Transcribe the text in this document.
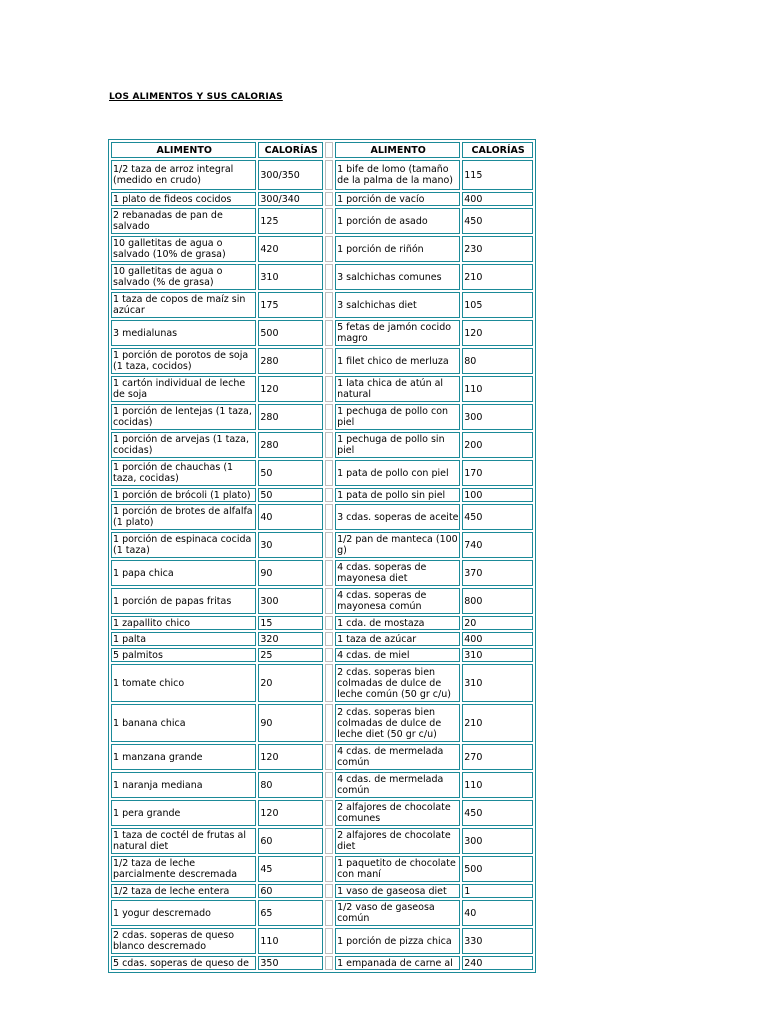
LOS ALIMENTOS Y SUS CALORIAS
ALIMENTO	CALORÍAS		ALIMENTO	CALORÍAS
1/2 taza de arroz integral (medido en crudo)	300/350		1 bife de lomo (tamaño de la palma de la mano)	115
1 plato de fideos cocidos	300/340		1 porción de vacío	400
2 rebanadas de pan de salvado	125		1 porción de asado	450
10 galletitas de agua o salvado (10% de grasa)	420		1 porción de riñón	230
10 galletitas de agua o salvado (% de grasa)	310		3 salchichas comunes	210
1 taza de copos de maíz sin azúcar	175		3 salchichas diet	105
3 medialunas	500		5 fetas de jamón cocido magro	120
1 porción de porotos de soja (1 taza, cocidos)	280		1 filet chico de merluza	80
1 cartón individual de leche de soja	120		1 lata chica de atún al natural	110
1 porción de lentejas (1 taza, cocidas)	280		1 pechuga de pollo con piel	300
1 porción de arvejas (1 taza, cocidas)	280		1 pechuga de pollo sin piel	200
1 porción de chauchas (1 taza, cocidas)	50		1 pata de pollo con piel	170
1 porción de brócoli (1 plato)	50		1 pata de pollo sin piel	100
1 porción de brotes de alfalfa (1 plato)	40		3 cdas. soperas de aceite	450
1 porción de espinaca cocida (1 taza)	30		1/2 pan de manteca (100 g)	740
1 papa chica	90		4 cdas. soperas de mayonesa diet	370
1 porción de papas fritas	300		4 cdas. soperas de mayonesa común	800
1 zapallito chico	15		1 cda. de mostaza	20
1 palta	320		1 taza de azúcar	400
5 palmitos	25		4 cdas. de miel	310
1 tomate chico	20		2 cdas. soperas bien colmadas de dulce de leche común (50 gr c/u)	310
1 banana chica	90		2 cdas. soperas bien colmadas de dulce de leche diet (50 gr c/u)	210
1 manzana grande	120		4 cdas. de mermelada común	270
1 naranja mediana	80		4 cdas. de mermelada común	110
1 pera grande	120		2 alfajores de chocolate comunes	450
1 taza de coctél de frutas al natural diet	60		2 alfajores de chocolate diet	300
1/2 taza de leche parcialmente descremada	45		1 paquetito de chocolate con maní	500
1/2 taza de leche entera	60		1 vaso de gaseosa diet	1
1 yogur descremado	65		1/2 vaso de gaseosa común	40
2 cdas. soperas de queso blanco descremado	110		1 porción de pizza chica	330
5 cdas. soperas de queso de	350		1 empanada de carne al	240
